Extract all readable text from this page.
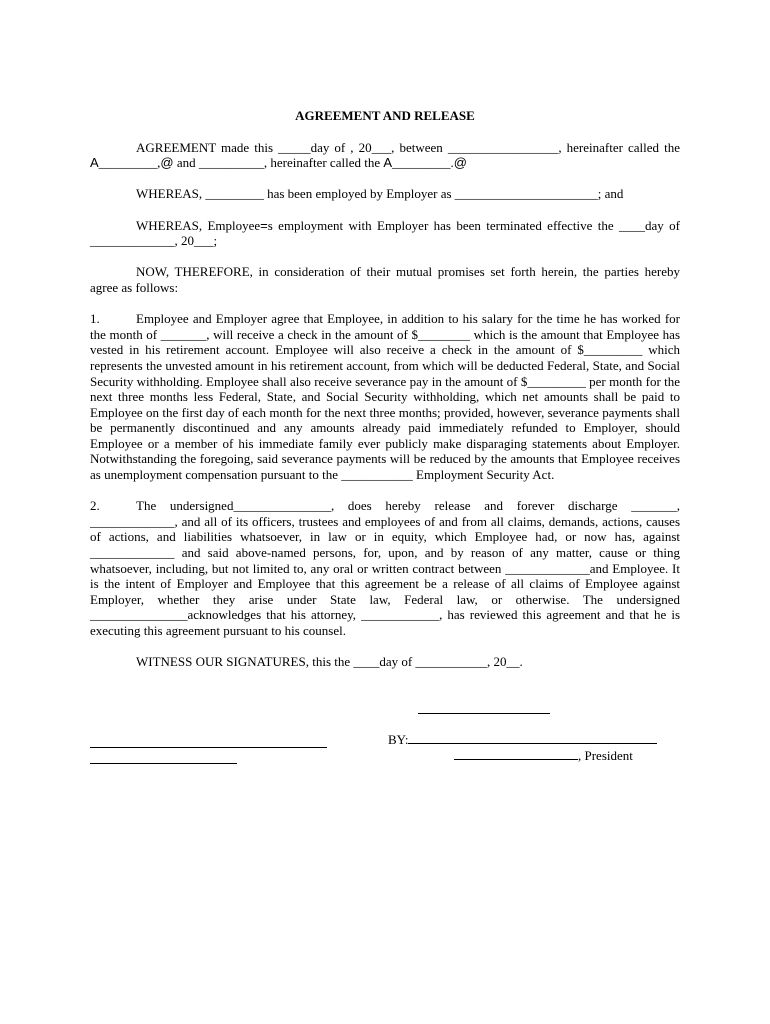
AGREEMENT AND RELEASE

AGREEMENT made this _____day of , 20___, between _________________, hereinafter called the A_________,@ and __________, hereinafter called the A_________.@

WHEREAS, _________ has been employed by Employer as ______________________; and

WHEREAS, Employee=s employment with Employer has been terminated effective the ____day of _____________, 20___;

NOW, THEREFORE, in consideration of their mutual promises set forth herein, the parties hereby agree as follows:

1.	Employee and Employer agree that Employee, in addition to his salary for the time he has worked for the month of _______, will receive a check in the amount of $________ which is the amount that Employee has vested in his retirement account. Employee will also receive a check in the amount of $_________ which represents the unvested amount in his retirement account, from which will be deducted Federal, State, and Social Security withholding. Employee shall also receive severance pay in the amount of $_________ per month for the next three months less Federal, State, and Social Security withholding, which net amounts shall be paid to Employee on the first day of each month for the next three months; provided, however, severance payments shall be permanently discontinued and any amounts already paid immediately refunded to Employer, should Employee or a member of his immediate family ever publicly make disparaging statements about Employer. Notwithstanding the foregoing, said severance payments will be reduced by the amounts that Employee receives as unemployment compensation pursuant to the ___________ Employment Security Act.

2.	The undersigned_______________, does hereby release and forever discharge _______, _____________, and all of its officers, trustees and employees of and from all claims, demands, actions, causes of actions, and liabilities whatsoever, in law or in equity, which Employee had, or now has, against _____________ and said above-named persons, for, upon, and by reason of any matter, cause or thing whatsoever, including, but not limited to, any oral or written contract between _____________and Employee. It is the intent of Employer and Employee that this agreement be a release of all claims of Employee against Employer, whether they arise under State law, Federal law, or otherwise. The undersigned _______________acknowledges that his attorney, ____________, has reviewed this agreement and that he is executing this agreement pursuant to his counsel.

WITNESS OUR SIGNATURES, this the ____day of ___________, 20__.

BY:
, President
